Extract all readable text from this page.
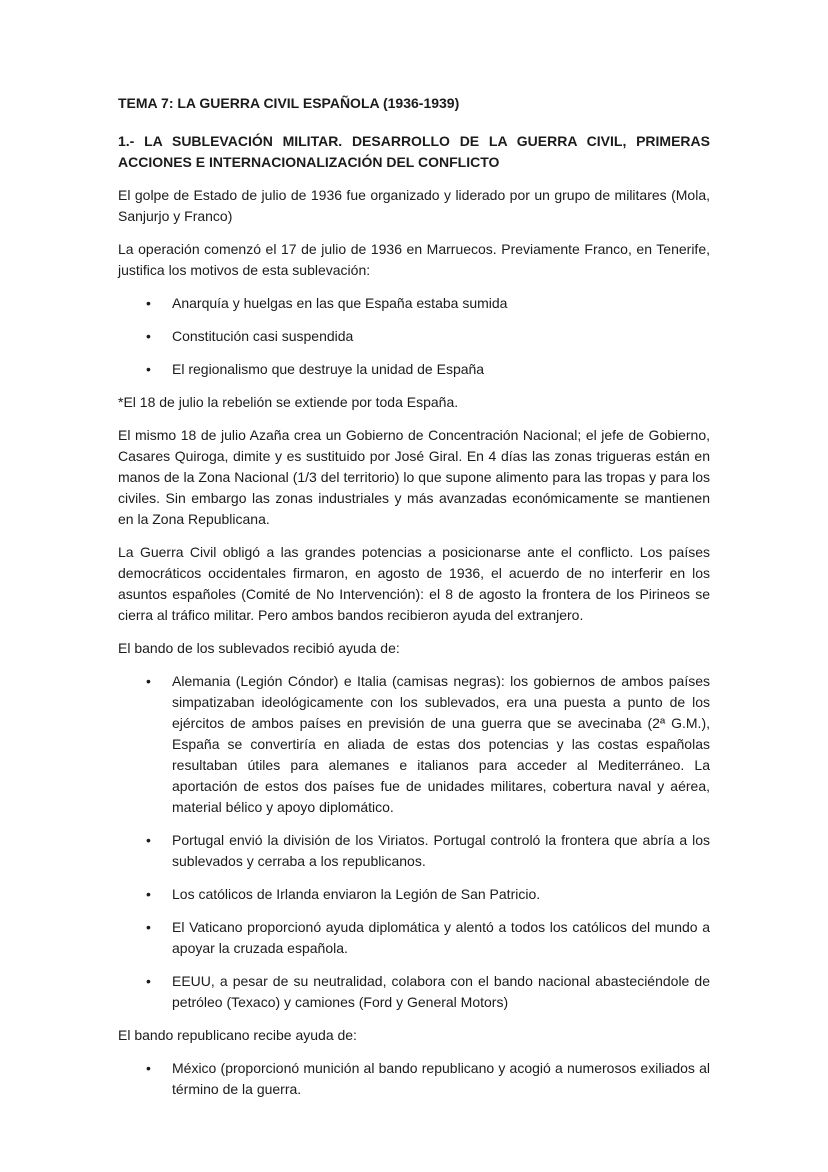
TEMA 7: LA GUERRA CIVIL ESPAÑOLA (1936-1939)
1.- LA SUBLEVACIÓN MILITAR. DESARROLLO DE LA GUERRA CIVIL, PRIMERAS ACCIONES E INTERNACIONALIZACIÓN DEL CONFLICTO

El golpe de Estado de julio de 1936 fue organizado y liderado por un grupo de militares (Mola, Sanjurjo y Franco)

La operación comenzó el 17 de julio de 1936 en Marruecos. Previamente Franco, en Tenerife, justifica los motivos de esta sublevación:

• Anarquía y huelgas en las que España estaba sumida
• Constitución casi suspendida
• El regionalismo que destruye la unidad de España

*El 18 de julio la rebelión se extiende por toda España.

El mismo 18 de julio Azaña crea un Gobierno de Concentración Nacional; el jefe de Gobierno, Casares Quiroga, dimite y es sustituido por José Giral. En 4 días las zonas trigueras están en manos de la Zona Nacional (1/3 del territorio) lo que supone alimento para las tropas y para los civiles. Sin embargo las zonas industriales y más avanzadas económicamente se mantienen en la Zona Republicana.

La Guerra Civil obligó a las grandes potencias a posicionarse ante el conflicto. Los países democráticos occidentales firmaron, en agosto de 1936, el acuerdo de no interferir en los asuntos españoles (Comité de No Intervención): el 8 de agosto la frontera de los Pirineos se cierra al tráfico militar. Pero ambos bandos recibieron ayuda del extranjero.

El bando de los sublevados recibió ayuda de:

• Alemania (Legión Cóndor) e Italia (camisas negras): los gobiernos de ambos países simpatizaban ideológicamente con los sublevados, era una puesta a punto de los ejércitos de ambos países en previsión de una guerra que se avecinaba (2ª G.M.), España se convertiría en aliada de estas dos potencias y las costas españolas resultaban útiles para alemanes e italianos para acceder al Mediterráneo. La aportación de estos dos países fue de unidades militares, cobertura naval y aérea, material bélico y apoyo diplomático.
• Portugal envió la división de los Viriatos. Portugal controló la frontera que abría a los sublevados y cerraba a los republicanos.
• Los católicos de Irlanda enviaron la Legión de San Patricio.
• El Vaticano proporcionó ayuda diplomática y alentó a todos los católicos del mundo a apoyar la cruzada española.
• EEUU, a pesar de su neutralidad, colabora con el bando nacional abasteciéndole de petróleo (Texaco) y camiones (Ford y General Motors)

El bando republicano recibe ayuda de:

• México (proporcionó munición al bando republicano y acogió a numerosos exiliados al término de la guerra.
